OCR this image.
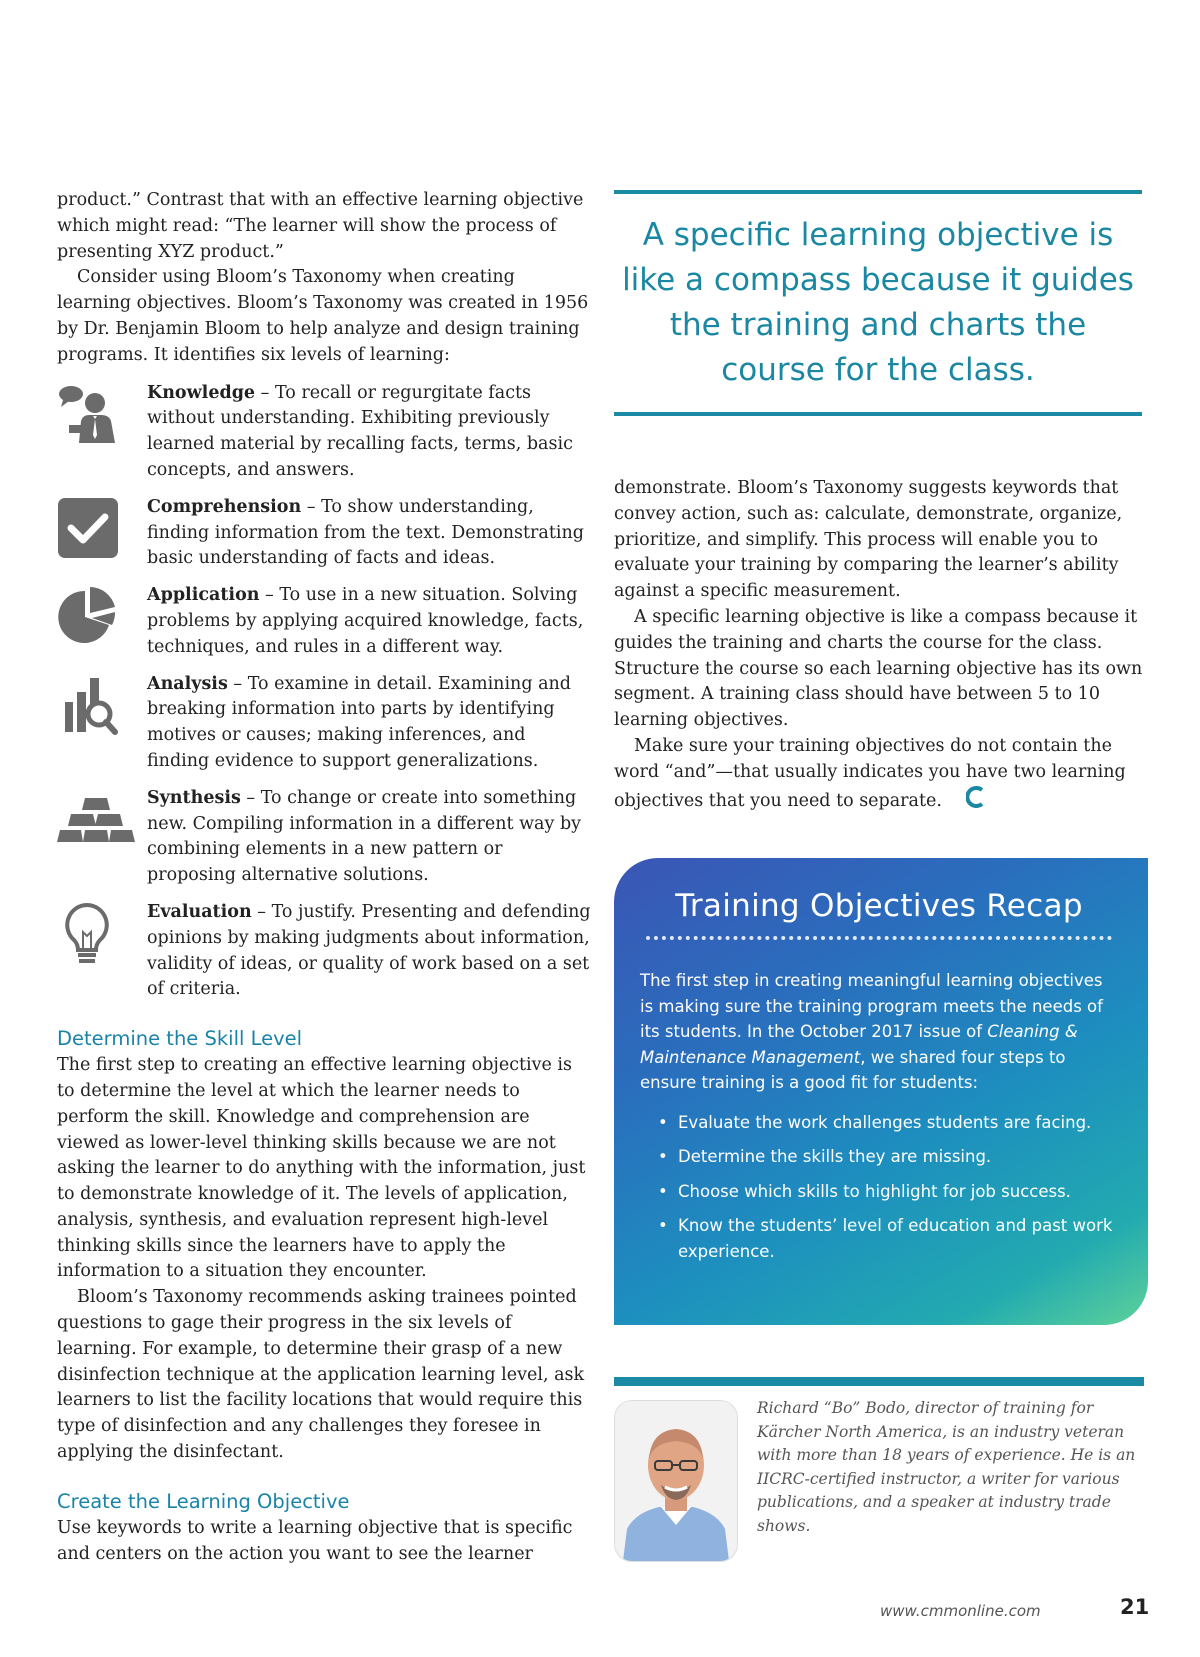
product.” Contrast that with an effective learning objective which might read: “The learner will show the process of presenting XYZ product.”

Consider using Bloom’s Taxonomy when creating learning objectives. Bloom’s Taxonomy was created in 1956 by Dr. Benjamin Bloom to help analyze and design training programs. It identifies six levels of learning:

Knowledge – To recall or regurgitate facts without understanding. Exhibiting previously learned material by recalling facts, terms, basic concepts, and answers.
Comprehension – To show understanding, finding information from the text. Demonstrating basic understanding of facts and ideas.
Application – To use in a new situation. Solving problems by applying acquired knowledge, facts, techniques, and rules in a different way.
Analysis – To examine in detail. Examining and breaking information into parts by identifying motives or causes; making inferences, and finding evidence to support generalizations.
Synthesis – To change or create into something new. Compiling information in a different way by combining elements in a new pattern or proposing alternative solutions.
Evaluation – To justify. Presenting and defending opinions by making judgments about information, validity of ideas, or quality of work based on a set of criteria.
Determine the Skill Level

The first step to creating an effective learning objective is to determine the level at which the learner needs to perform the skill. Knowledge and comprehension are viewed as lower-level thinking skills because we are not asking the learner to do anything with the information, just to demonstrate knowledge of it. The levels of application, analysis, synthesis, and evaluation represent high-level thinking skills since the learners have to apply the information to a situation they encounter.

Bloom’s Taxonomy recommends asking trainees pointed questions to gage their progress in the six levels of learning. For example, to determine their grasp of a new disinfection technique at the application learning level, ask learners to list the facility locations that would require this type of disinfection and any challenges they foresee in applying the disinfectant.

Create the Learning Objective

Use keywords to write a learning objective that is specific and centers on the action you want to see the learner

A specific learning objective is like a compass because it guides the training and charts the course for the class.

demonstrate. Bloom’s Taxonomy suggests keywords that convey action, such as: calculate, demonstrate, organize, prioritize, and simplify. This process will enable you to evaluate your training by comparing the learner’s ability against a specific measurement.

A specific learning objective is like a compass because it guides the training and charts the course for the class. Structure the course so each learning objective has its own segment. A training class should have between 5 to 10 learning objectives.

Make sure your training objectives do not contain the word “and”—that usually indicates you have two learning objectives that you need to separate.

Training Objectives Recap

The first step in creating meaningful learning objectives is making sure the training program meets the needs of its students. In the October 2017 issue of Cleaning & Maintenance Management, we shared four steps to ensure training is a good fit for students:

• Evaluate the work challenges students are facing.
• Determine the skills they are missing.
• Choose which skills to highlight for job success.
• Know the students’ level of education and past work experience.

Richard “Bo” Bodo, director of training for Kärcher North America, is an industry veteran with more than 18 years of experience. He is an IICRC-certified instructor, a writer for various publications, and a speaker at industry trade shows.

www.cmmonline.com	21
